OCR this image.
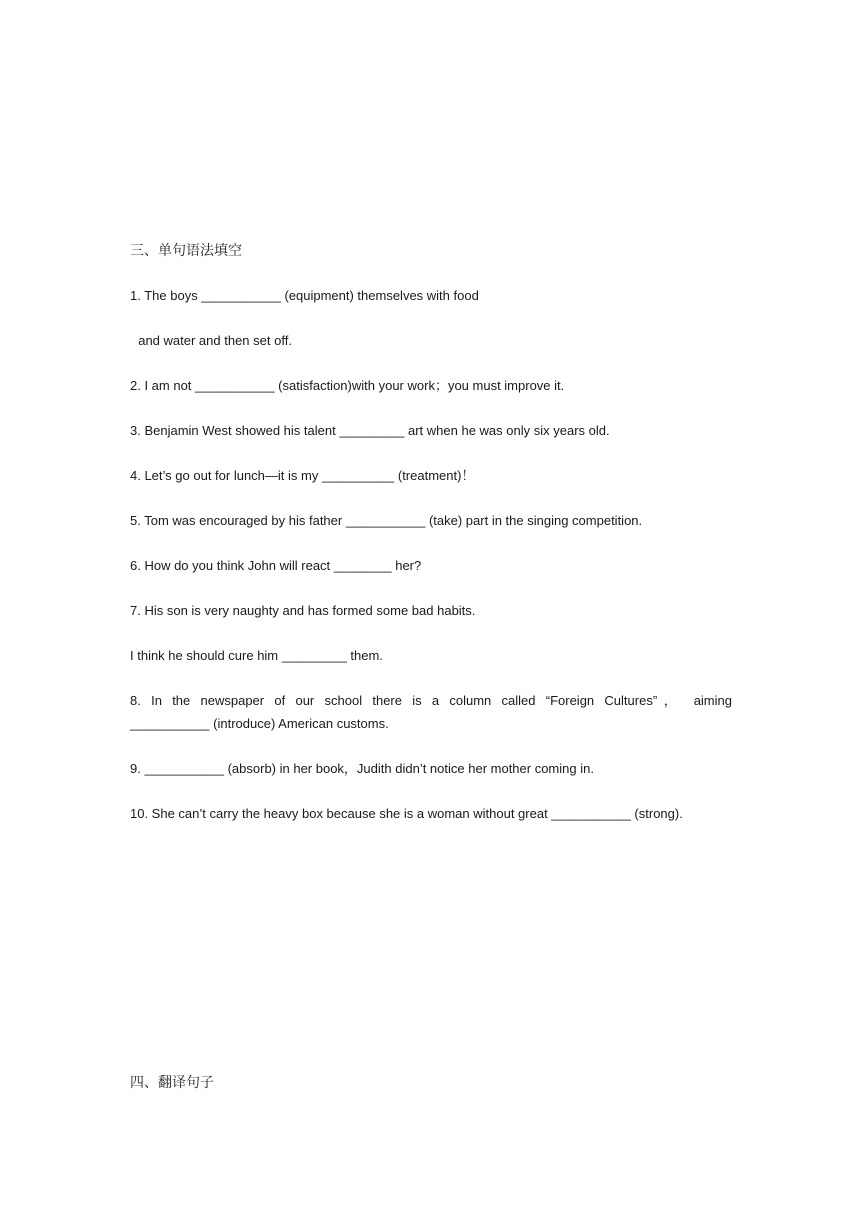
三、单句语法填空
1. The boys ___________ (equipment) themselves with food
and water and then set off.
2. I am not ___________ (satisfaction)with your work；you must improve it.
3. Benjamin West showed his talent _________ art when he was only six years old.
4. Let’s go out for lunch—it is my __________ (treatment)！
5. Tom was encouraged by his father ___________ (take) part in the singing competition.
6. How do you think John will react ________ her?
7. His son is very naughty and has formed some bad habits.
I think he should cure him _________ them.
8. In the newspaper of our school there is a column called “Foreign Cultures”， aiming
___________ (introduce) American customs.
9. ___________ (absorb) in her book，Judith didn’t notice her mother coming in.
10. She can’t carry the heavy box because she is a woman without great ___________ (strong).
四、翻译句子
